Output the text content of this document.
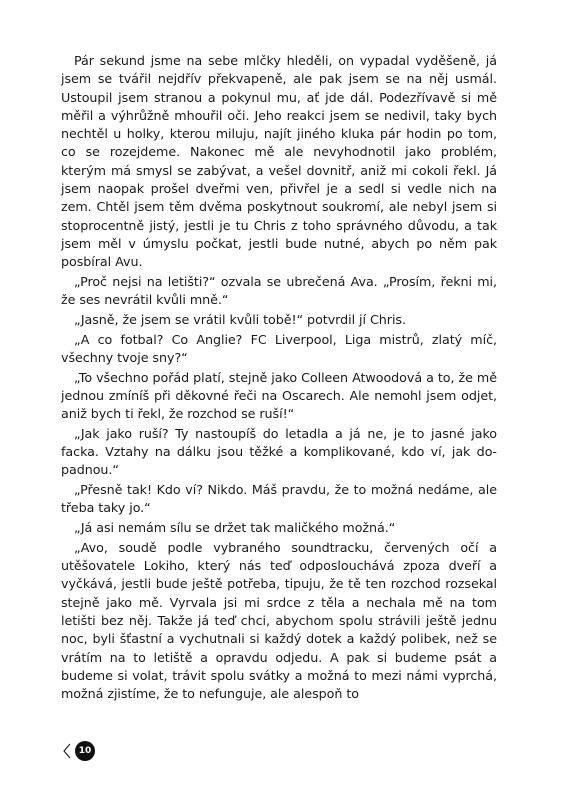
Pár sekund jsme na sebe mlčky hleděli, on vypadal vyděšeně, já jsem se tvářil nejdřív překvapeně, ale pak jsem se na něj usmál. Ustoupil jsem stranou a pokynul mu, ať jde dál. Podezřívavě si mě měřil a výhrůžně mhouřil oči. Jeho reakci jsem se nedivil, taky bych nechtěl u holky, kterou miluju, najít jiného kluka pár hodin po tom, co se rozejdeme. Nakonec mě ale nevyhodnotil jako problém, kterým má smysl se zabývat, a vešel dovnitř, aniž mi cokoli řekl. Já jsem naopak prošel dveřmi ven, přivřel je a sedl si vedle nich na zem. Chtěl jsem těm dvěma poskytnout soukromí, ale nebyl jsem si stoprocentně jistý, jestli je tu Chris z toho správného důvodu, a tak jsem měl v úmyslu počkat, jestli bude nutné, abych po něm pak posbíral Avu.

„Proč nejsi na letišti?“ ozvala se ubrečená Ava. „Prosím, řekni mi, že ses nevrátil kvůli mně.“

„Jasně, že jsem se vrátil kvůli tobě!“ potvrdil jí Chris.

„A co fotbal? Co Anglie? FC Liverpool, Liga mistrů, zlatý míč, všechny tvoje sny?“

„To všechno pořád platí, stejně jako Colleen Atwoodová a to, že mě jednou zmíníš při děkovné řeči na Oscarech. Ale nemohl jsem odjet, aniž bych ti řekl, že rozchod se ruší!“

„Jak jako ruší? Ty nastoupíš do letadla a já ne, je to jasné jako facka. Vztahy na dálku jsou těžké a komplikované, kdo ví, jak dopadnou.“

„Přesně tak! Kdo ví? Nikdo. Máš pravdu, že to možná nedáme, ale třeba taky jo.“

„Já asi nemám sílu se držet tak maličkého možná.“

„Avo, soudě podle vybraného soundtracku, červených očí a utěšovatele Lokiho, který nás teď odposlouchává zpoza dveří a vyčkává, jestli bude ještě potřeba, tipuju, že tě ten rozchod rozsekal stejně jako mě. Vyrvala jsi mi srdce z těla a nechala mě na tom letišti bez něj. Takže já teď chci, abychom spolu strávili ještě jednu noc, byli šťastní a vychutnali si každý dotek a každý polibek, než se vrátím na to letiště a opravdu odjedu. A pak si budeme psát a budeme si volat, trávit spolu svátky a možná to mezi námi vyprchá, možná zjistíme, že to nefunguje, ale alespoň to

10
